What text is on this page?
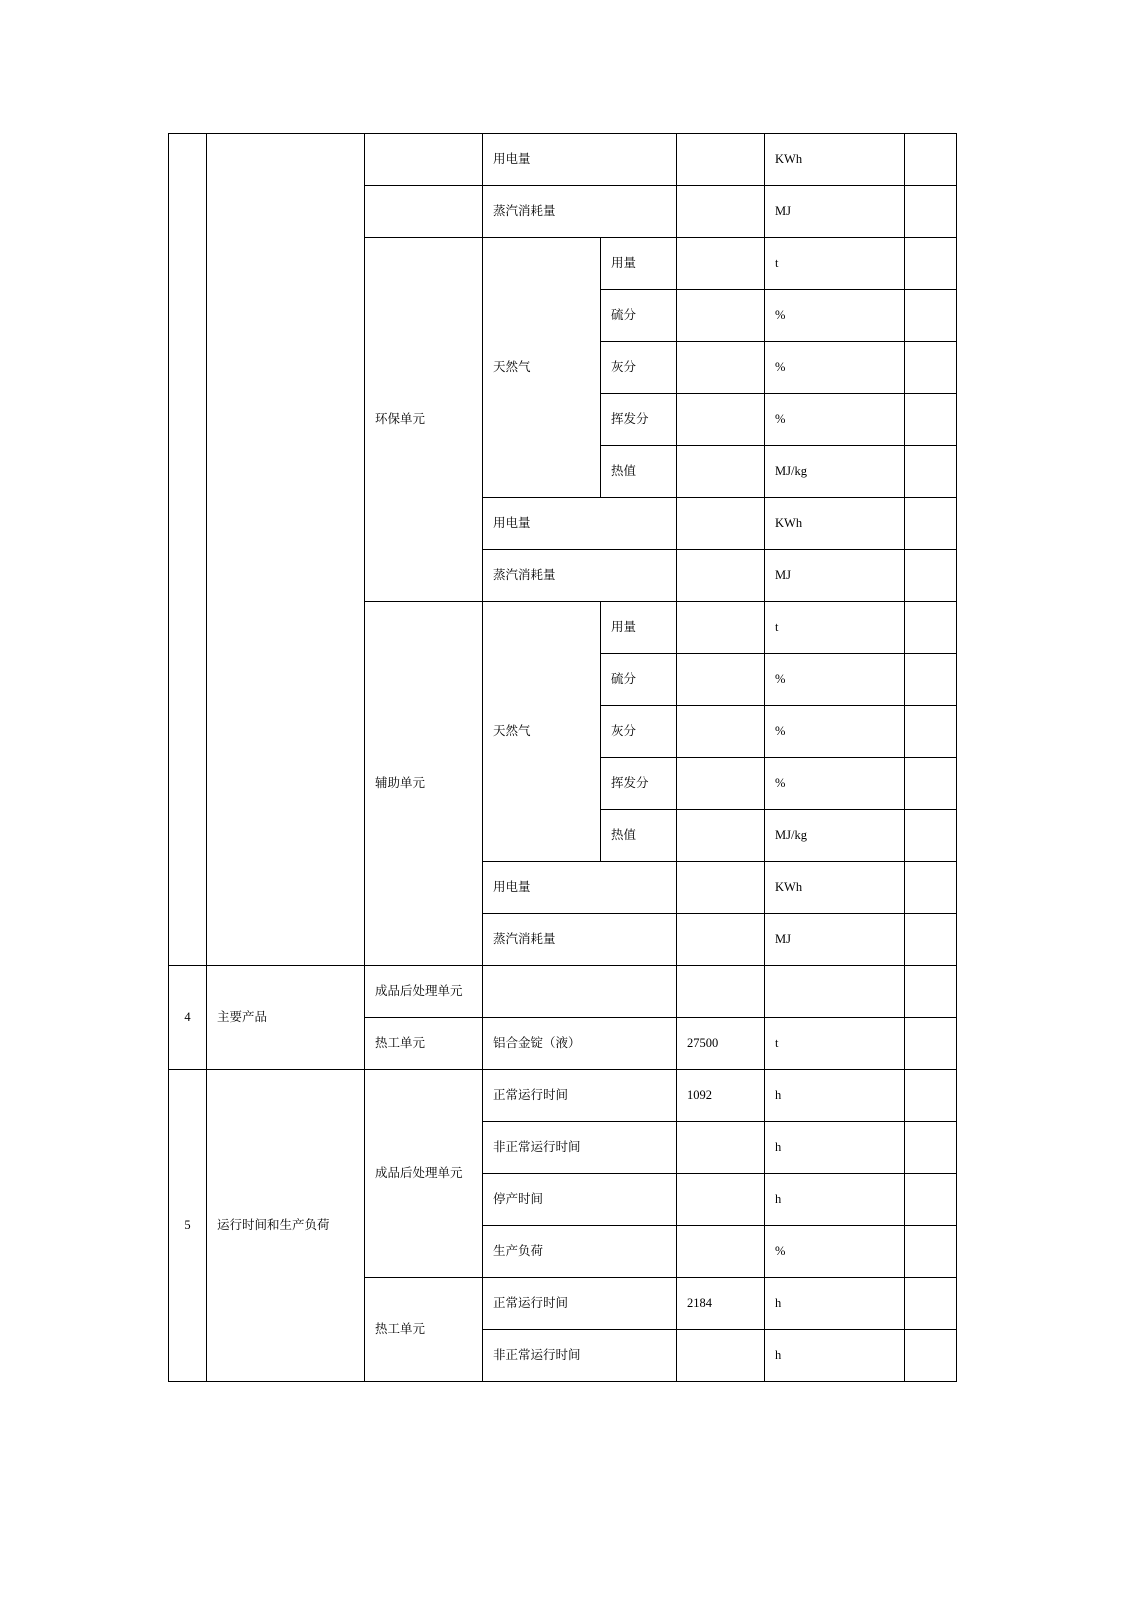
			用电量			KWh	
			蒸汽消耗量			MJ	
		环保单元	天然气	用量		t	
				硫分		%	
				灰分		%	
				挥发分		%	
				热值		MJ/kg	
			用电量			KWh	
			蒸汽消耗量			MJ	
		辅助单元	天然气	用量		t	
				硫分		%	
				灰分		%	
				挥发分		%	
				热值		MJ/kg	
			用电量			KWh	
			蒸汽消耗量			MJ	
4	主要产品	成品后处理单元					
		热工单元	铝合金锭（液）		27500	t	
5	运行时间和生产负荷	成品后处理单元	正常运行时间		1092	h	
			非正常运行时间			h	
			停产时间			h	
			生产负荷			%	
		热工单元	正常运行时间		2184	h	
			非正常运行时间			h	
